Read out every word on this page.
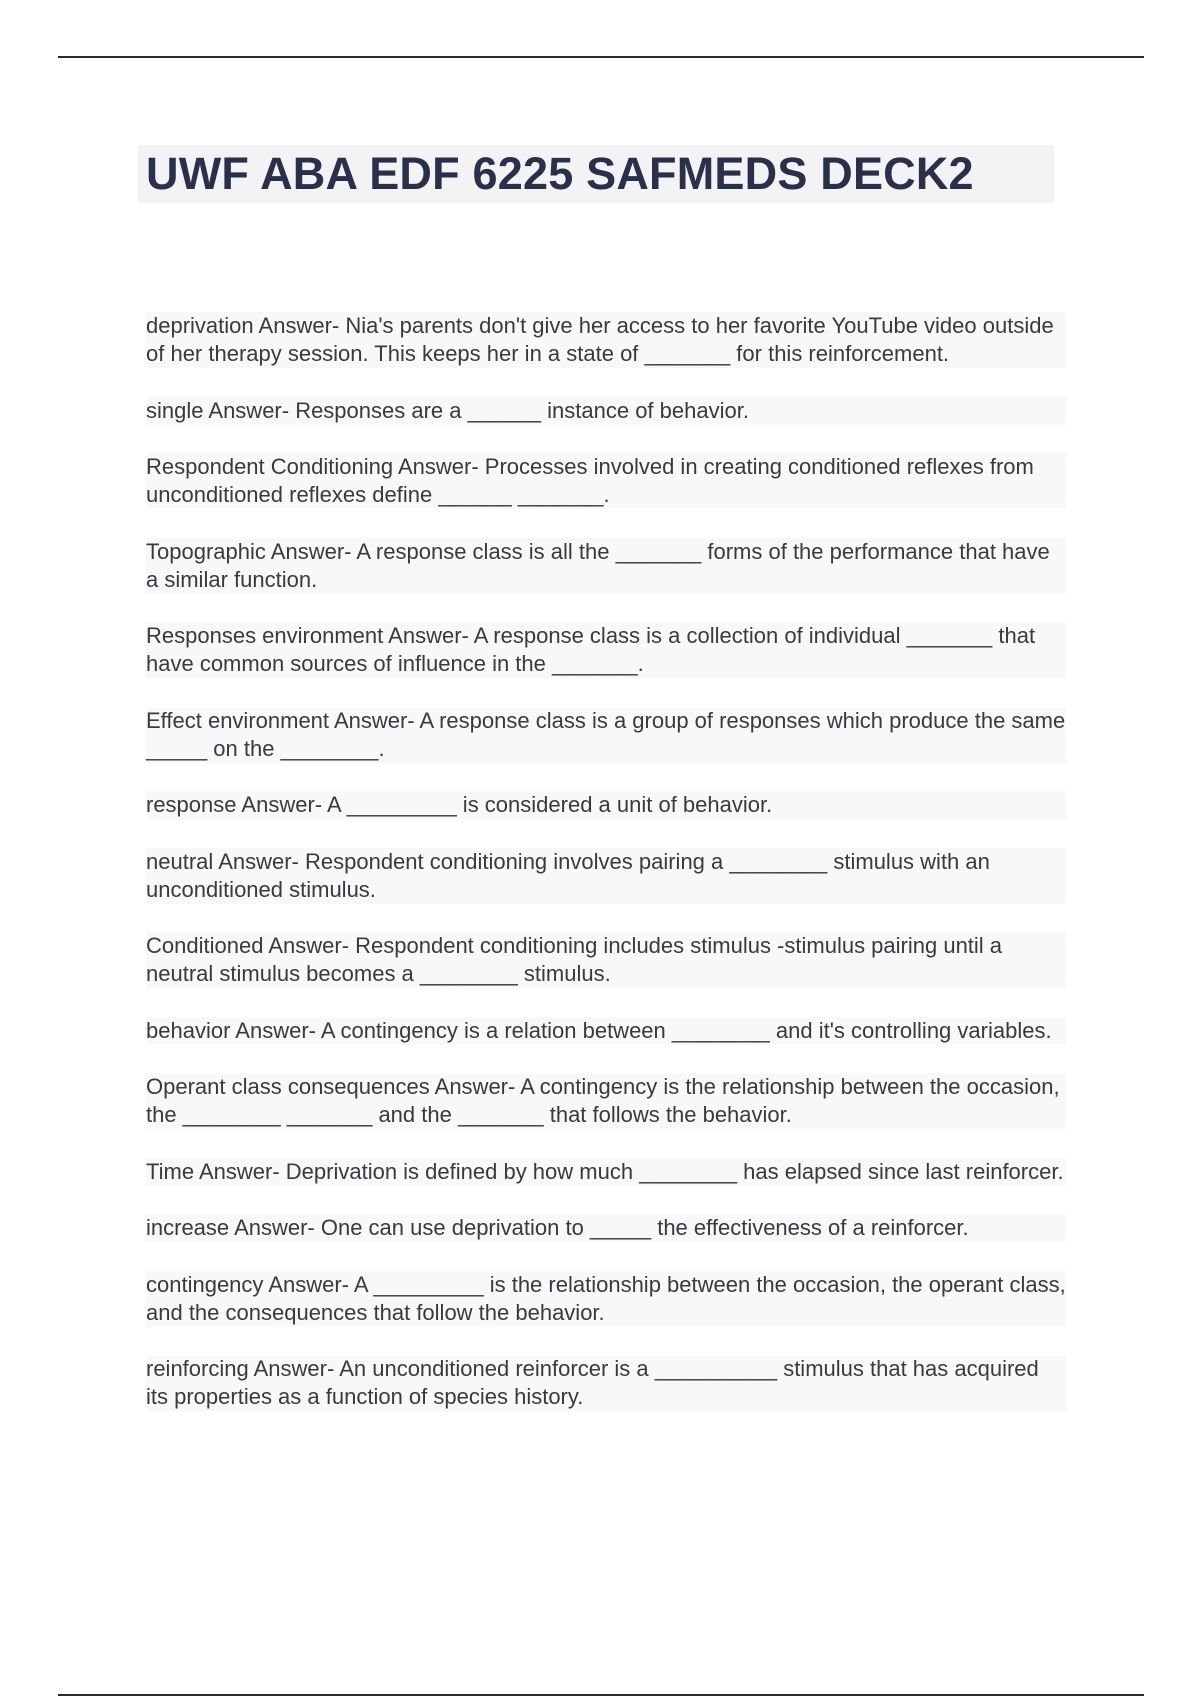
UWF ABA EDF 6225 SAFMEDS DECK2

deprivation Answer- Nia's parents don't give her access to her favorite YouTube video outside of her therapy session. This keeps her in a state of _______ for this reinforcement.

single Answer- Responses are a ______ instance of behavior.

Respondent Conditioning Answer- Processes involved in creating conditioned reflexes from unconditioned reflexes define ______ _______.

Topographic Answer- A response class is all the _______ forms of the performance that have a similar function.

Responses environment Answer- A response class is a collection of individual _______ that have common sources of influence in the _______.

Effect environment Answer- A response class is a group of responses which produce the same _____ on the ________.

response Answer- A _________ is considered a unit of behavior.

neutral Answer- Respondent conditioning involves pairing a ________ stimulus with an unconditioned stimulus.

Conditioned Answer- Respondent conditioning includes stimulus -stimulus pairing until a neutral stimulus becomes a ________ stimulus.

behavior Answer- A contingency is a relation between ________ and it's controlling variables.

Operant class consequences Answer- A contingency is the relationship between the occasion, the ________ _______ and the _______ that follows the behavior.

Time Answer- Deprivation is defined by how much ________ has elapsed since last reinforcer.

increase Answer- One can use deprivation to _____ the effectiveness of a reinforcer.

contingency Answer- A _________ is the relationship between the occasion, the operant class, and the consequences that follow the behavior.

reinforcing Answer- An unconditioned reinforcer is a __________ stimulus that has acquired its properties as a function of species history.
